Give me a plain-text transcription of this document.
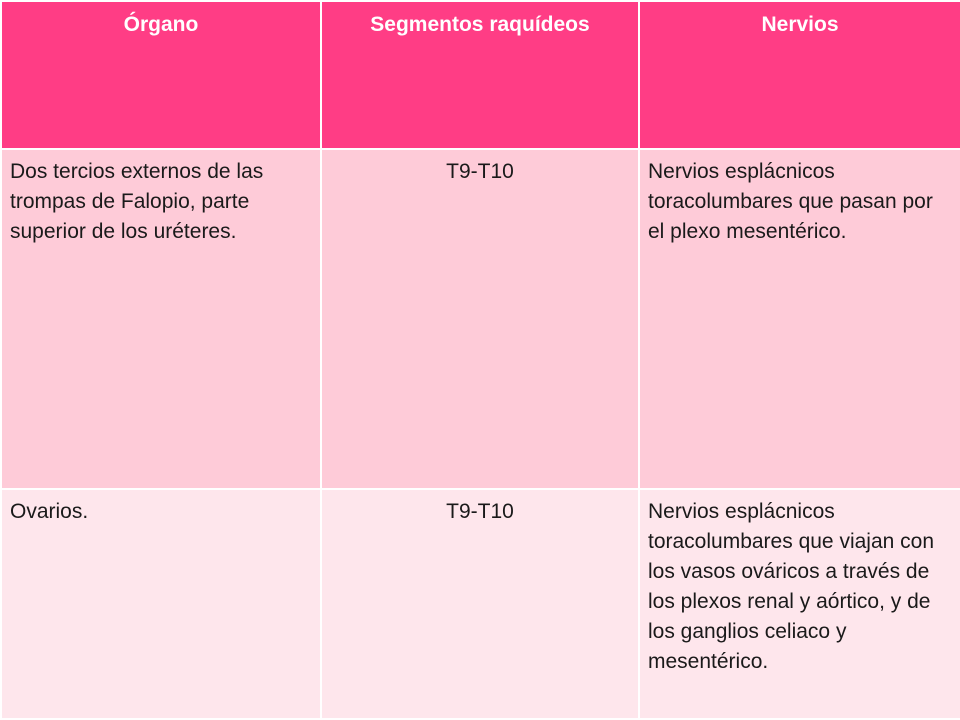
Órgano	Segmentos raquídeos	Nervios

Dos tercios externos de las trompas de Falopio, parte superior de los uréteres.	T9-T10	Nervios esplácnicos toracolumbares que pasan por el plexo mesentérico.

Ovarios.	T9-T10	Nervios esplácnicos toracolumbares que viajan con los vasos ováricos a través de los plexos renal y aórtico, y de los ganglios celiaco y mesentérico.
